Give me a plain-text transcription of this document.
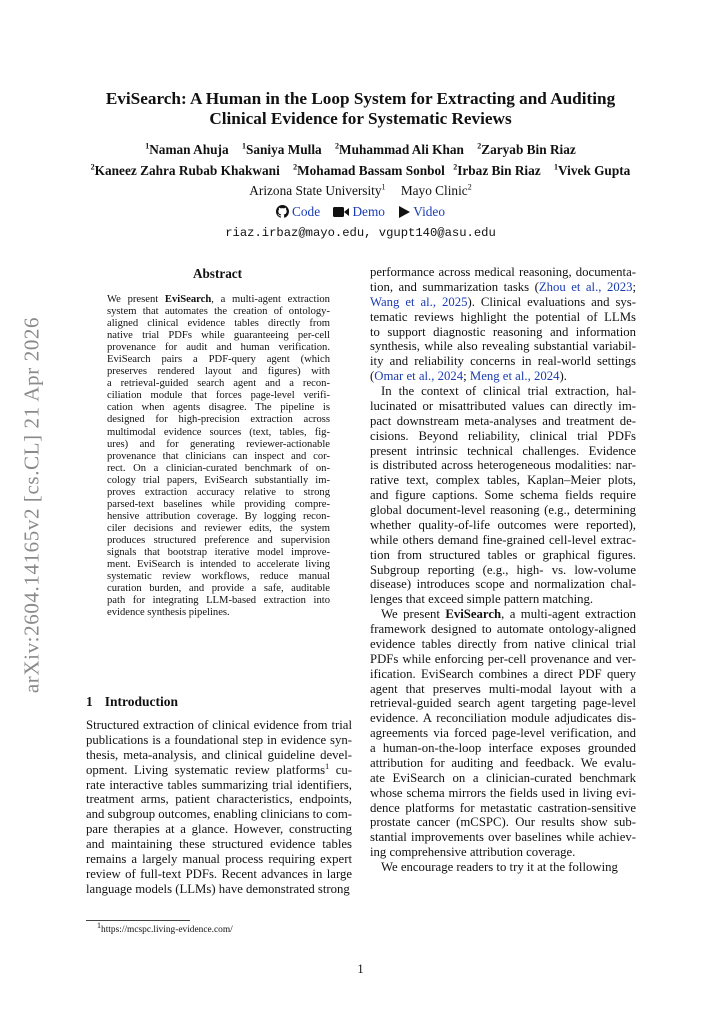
arXiv:2604.14165v2 [cs.CL] 21 Apr 2026
EviSearch: A Human in the Loop System for Extracting and Auditing
Clinical Evidence for Systematic Reviews
$^1$Naman Ahuja $^1$Saniya Mulla $^2$Muhammad Ali Khan $^2$Zaryab Bin Riaz
$^2$Kaneez Zahra Rubab Khakwani $^2$Mohamad Bassam Sonbol $^2$Irbaz Bin Riaz $^1$Vivek Gupta
Arizona State University$^1$ Mayo Clinic$^2$
Code Demo Video
riaz.irbaz@mayo.edu, vgupt140@asu.edu
Abstract
We present EviSearch, a multi-agent extraction
system that automates the creation of ontology-
aligned clinical evidence tables directly from
native trial PDFs while guaranteeing per-cell
provenance for audit and human verification.
EviSearch pairs a PDF-query agent (which
preserves rendered layout and figures) with
a retrieval-guided search agent and a recon-
ciliation module that forces page-level verifi-
cation when agents disagree. The pipeline is
designed for high-precision extraction across
multimodal evidence sources (text, tables, fig-
ures) and for generating reviewer-actionable
provenance that clinicians can inspect and cor-
rect. On a clinician-curated benchmark of on-
cology trial papers, EviSearch substantially im-
proves extraction accuracy relative to strong
parsed-text baselines while providing compre-
hensive attribution coverage. By logging recon-
ciler decisions and reviewer edits, the system
produces structured preference and supervision
signals that bootstrap iterative model improve-
ment. EviSearch is intended to accelerate living
systematic review workflows, reduce manual
curation burden, and provide a safe, auditable
path for integrating LLM-based extraction into
evidence synthesis pipelines.
1 Introduction
Structured extraction of clinical evidence from trial
publications is a foundational step in evidence syn-
thesis, meta-analysis, and clinical guideline devel-
opment. Living systematic review platforms$^1$ cu-
rate interactive tables summarizing trial identifiers,
treatment arms, patient characteristics, endpoints,
and subgroup outcomes, enabling clinicians to com-
pare therapies at a glance. However, constructing
and maintaining these structured evidence tables
remains a largely manual process requiring expert
review of full-text PDFs. Recent advances in large
language models (LLMs) have demonstrated strong
performance across medical reasoning, documenta-
tion, and summarization tasks (Zhou et al., 2023;
Wang et al., 2025). Clinical evaluations and sys-
tematic reviews highlight the potential of LLMs
to support diagnostic reasoning and information
synthesis, while also revealing substantial variabil-
ity and reliability concerns in real-world settings
(Omar et al., 2024; Meng et al., 2024).
In the context of clinical trial extraction, hal-
lucinated or misattributed values can directly im-
pact downstream meta-analyses and treatment de-
cisions. Beyond reliability, clinical trial PDFs
present intrinsic technical challenges. Evidence
is distributed across heterogeneous modalities: nar-
rative text, complex tables, Kaplan–Meier plots,
and figure captions. Some schema fields require
global document-level reasoning (e.g., determining
whether quality-of-life outcomes were reported),
while others demand fine-grained cell-level extrac-
tion from structured tables or graphical figures.
Subgroup reporting (e.g., high- vs. low-volume
disease) introduces scope and normalization chal-
lenges that exceed simple pattern matching.
We present EviSearch, a multi-agent extraction
framework designed to automate ontology-aligned
evidence tables directly from native clinical trial
PDFs while enforcing per-cell provenance and ver-
ification. EviSearch combines a direct PDF query
agent that preserves multi-modal layout with a
retrieval-guided search agent targeting page-level
evidence. A reconciliation module adjudicates dis-
agreements via forced page-level verification, and
a human-on-the-loop interface exposes grounded
attribution for auditing and feedback. We evalu-
ate EviSearch on a clinician-curated benchmark
whose schema mirrors the fields used in living evi-
dence platforms for metastatic castration-sensitive
prostate cancer (mCSPC). Our results show sub-
stantial improvements over baselines while achiev-
ing comprehensive attribution coverage.
We encourage readers to try it at the following
$^1$https://mcspc.living-evidence.com/
1
